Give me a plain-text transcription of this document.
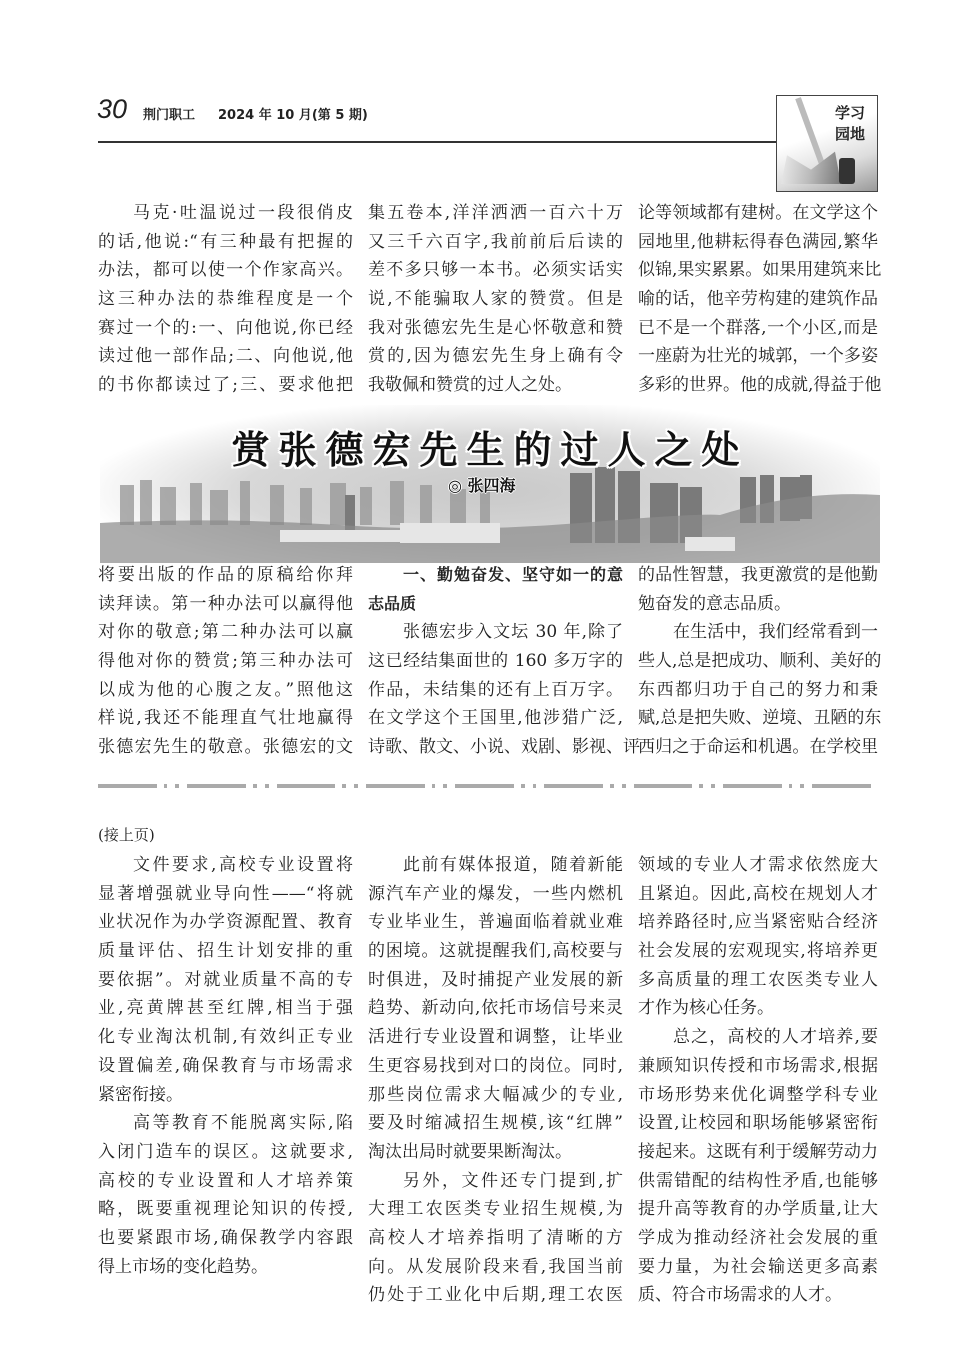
30 荆门职工 2024 年 10 月(第 5 期)	学习
园地
马克·吐温说过一段很俏皮
的话,他说:“有三种最有把握的
办法，都可以使一个作家高兴。
这三种办法的恭维程度是一个
赛过一个的:一、向他说,你已经
读过他一部作品;二、向他说,他
的书你都读过了;三、要求他把
集五卷本,洋洋洒洒一百六十万
又三千六百字,我前前后后读的
差不多只够一本书。必须实话实
说,不能骗取人家的赞赏。但是
我对张德宏先生是心怀敬意和赞
赏的,因为德宏先生身上确有令
我敬佩和赞赏的过人之处。
论等领域都有建树。在文学这个
园地里,他耕耘得春色满园,繁华
似锦,果实累累。如果用建筑来比
喻的话，他辛劳构建的建筑作品
已不是一个群落,一个小区,而是
一座蔚为壮光的城郭，一个多姿
多彩的世界。他的成就,得益于他
赏张德宏先生的过人之处
◎ 张四海
将要出版的作品的原稿给你拜
读拜读。第一种办法可以赢得他
对你的敬意;第二种办法可以赢
得他对你的赞赏;第三种办法可
以成为他的心腹之友。”照他这
样说,我还不能理直气壮地赢得
张德宏先生的敬意。张德宏的文
一、勤勉奋发、坚守如一的意
志品质
张德宏步入文坛 30 年,除了
这已经结集面世的 160 多万字的
作品，未结集的还有上百万字。
在文学这个王国里,他涉猎广泛,
诗歌、散文、小说、戏剧、影视、评
的品性智慧，我更激赏的是他勤
勉奋发的意志品质。
在生活中，我们经常看到一
些人,总是把成功、顺利、美好的
东西都归功于自己的努力和秉
赋,总是把失败、逆境、丑陋的东
西归之于命运和机遇。在学校里
(接上页)
文件要求,高校专业设置将
显著增强就业导向性——“将就
业状况作为办学资源配置、教育
质量评估、招生计划安排的重
要依据”。对就业质量不高的专
业,亮黄牌甚至红牌,相当于强
化专业淘汰机制,有效纠正专业
设置偏差,确保教育与市场需求
紧密衔接。
高等教育不能脱离实际,陷
入闭门造车的误区。这就要求,
高校的专业设置和人才培养策
略，既要重视理论知识的传授,
也要紧跟市场,确保教学内容跟
得上市场的变化趋势。
此前有媒体报道，随着新能
源汽车产业的爆发，一些内燃机
专业毕业生，普遍面临着就业难
的困境。这就提醒我们,高校要与
时俱进，及时捕捉产业发展的新
趋势、新动向,依托市场信号来灵
活进行专业设置和调整，让毕业
生更容易找到对口的岗位。同时,
那些岗位需求大幅减少的专业,
要及时缩减招生规模,该“红牌”
淘汰出局时就要果断淘汰。
另外，文件还专门提到,扩
大理工农医类专业招生规模,为
高校人才培养指明了清晰的方
向。从发展阶段来看,我国当前
仍处于工业化中后期,理工农医
领域的专业人才需求依然庞大
且紧迫。因此,高校在规划人才
培养路径时,应当紧密贴合经济
社会发展的宏观现实,将培养更
多高质量的理工农医类专业人
才作为核心任务。
总之，高校的人才培养,要
兼顾知识传授和市场需求,根据
市场形势来优化调整学科专业
设置,让校园和职场能够紧密衔
接起来。这既有利于缓解劳动力
供需错配的结构性矛盾,也能够
提升高等教育的办学质量,让大
学成为推动经济社会发展的重
要力量，为社会输送更多高素
质、符合市场需求的人才。
